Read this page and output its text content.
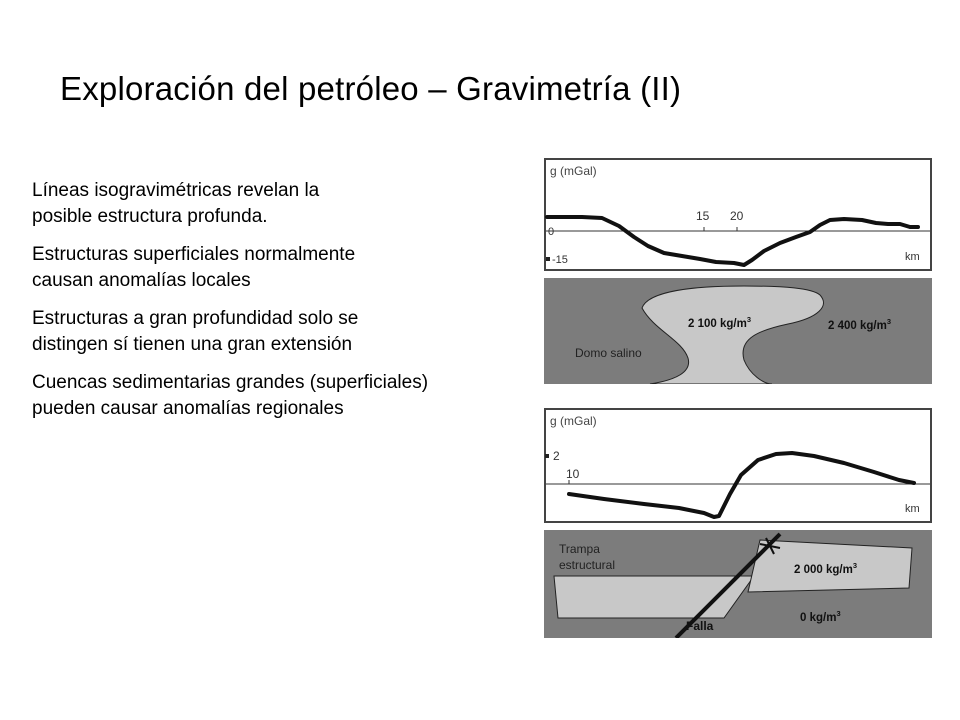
Exploración del petróleo – Gravimetría (II)
Líneas isogravimétricas revelan la
posible estructura profunda.
Estructuras superficiales normalmente
causan anomalías locales
Estructuras a gran profundidad solo se
distingen sí tienen una gran extensión
Cuencas sedimentarias grandes (superficiales)
pueden causar anomalías regionales
g (mGal)
0
-15
15 20
km
2 100 $kg/m^3$
2 400 $kg/m^3$
Domo salino
g (mGal)
2
10
km
Trampa
estructural	2 000 $kg/m^3$
0 $kg/m^3$
Falla
